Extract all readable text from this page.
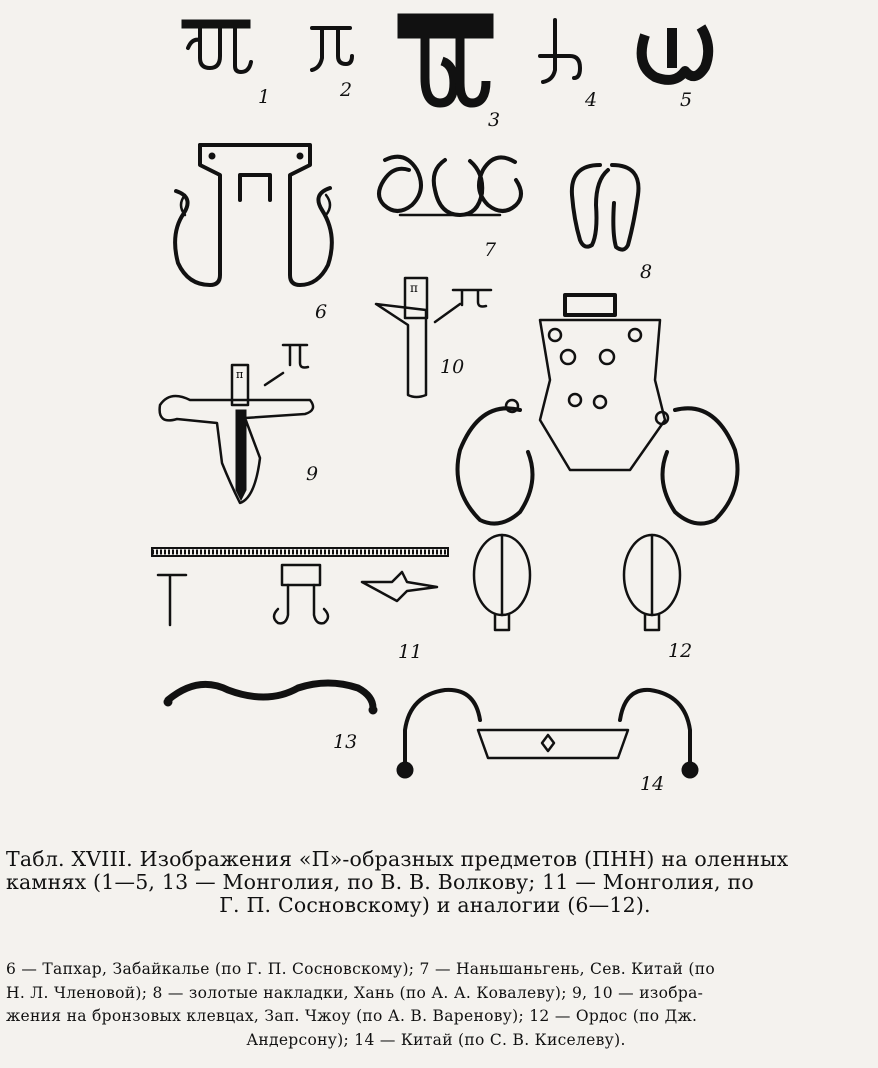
1	2
3
4	5
6
7
8
π
10
π
9
12
11
13
14
Табл. XVIII. Изображения «П»-образных предметов (ПНН) на оленных
камнях (1—5, 13 — Монголия, по В. В. Волкову; 11 — Монголия, по
Г. П. Сосновскому) и аналогии (6—12).
6 — Тапхар, Забайкалье (по Г. П. Сосновскому); 7 — Наньшаньгень, Сев. Китай (по
Н. Л. Членовой); 8 — золотые накладки, Хань (по А. А. Ковалеву); 9, 10 — изобра-
жения на бронзовых клевцах, Зап. Чжоу (по А. В. Варенову); 12 — Ордос (по Дж.
Андерсону); 14 — Китай (по С. В. Киселеву).
